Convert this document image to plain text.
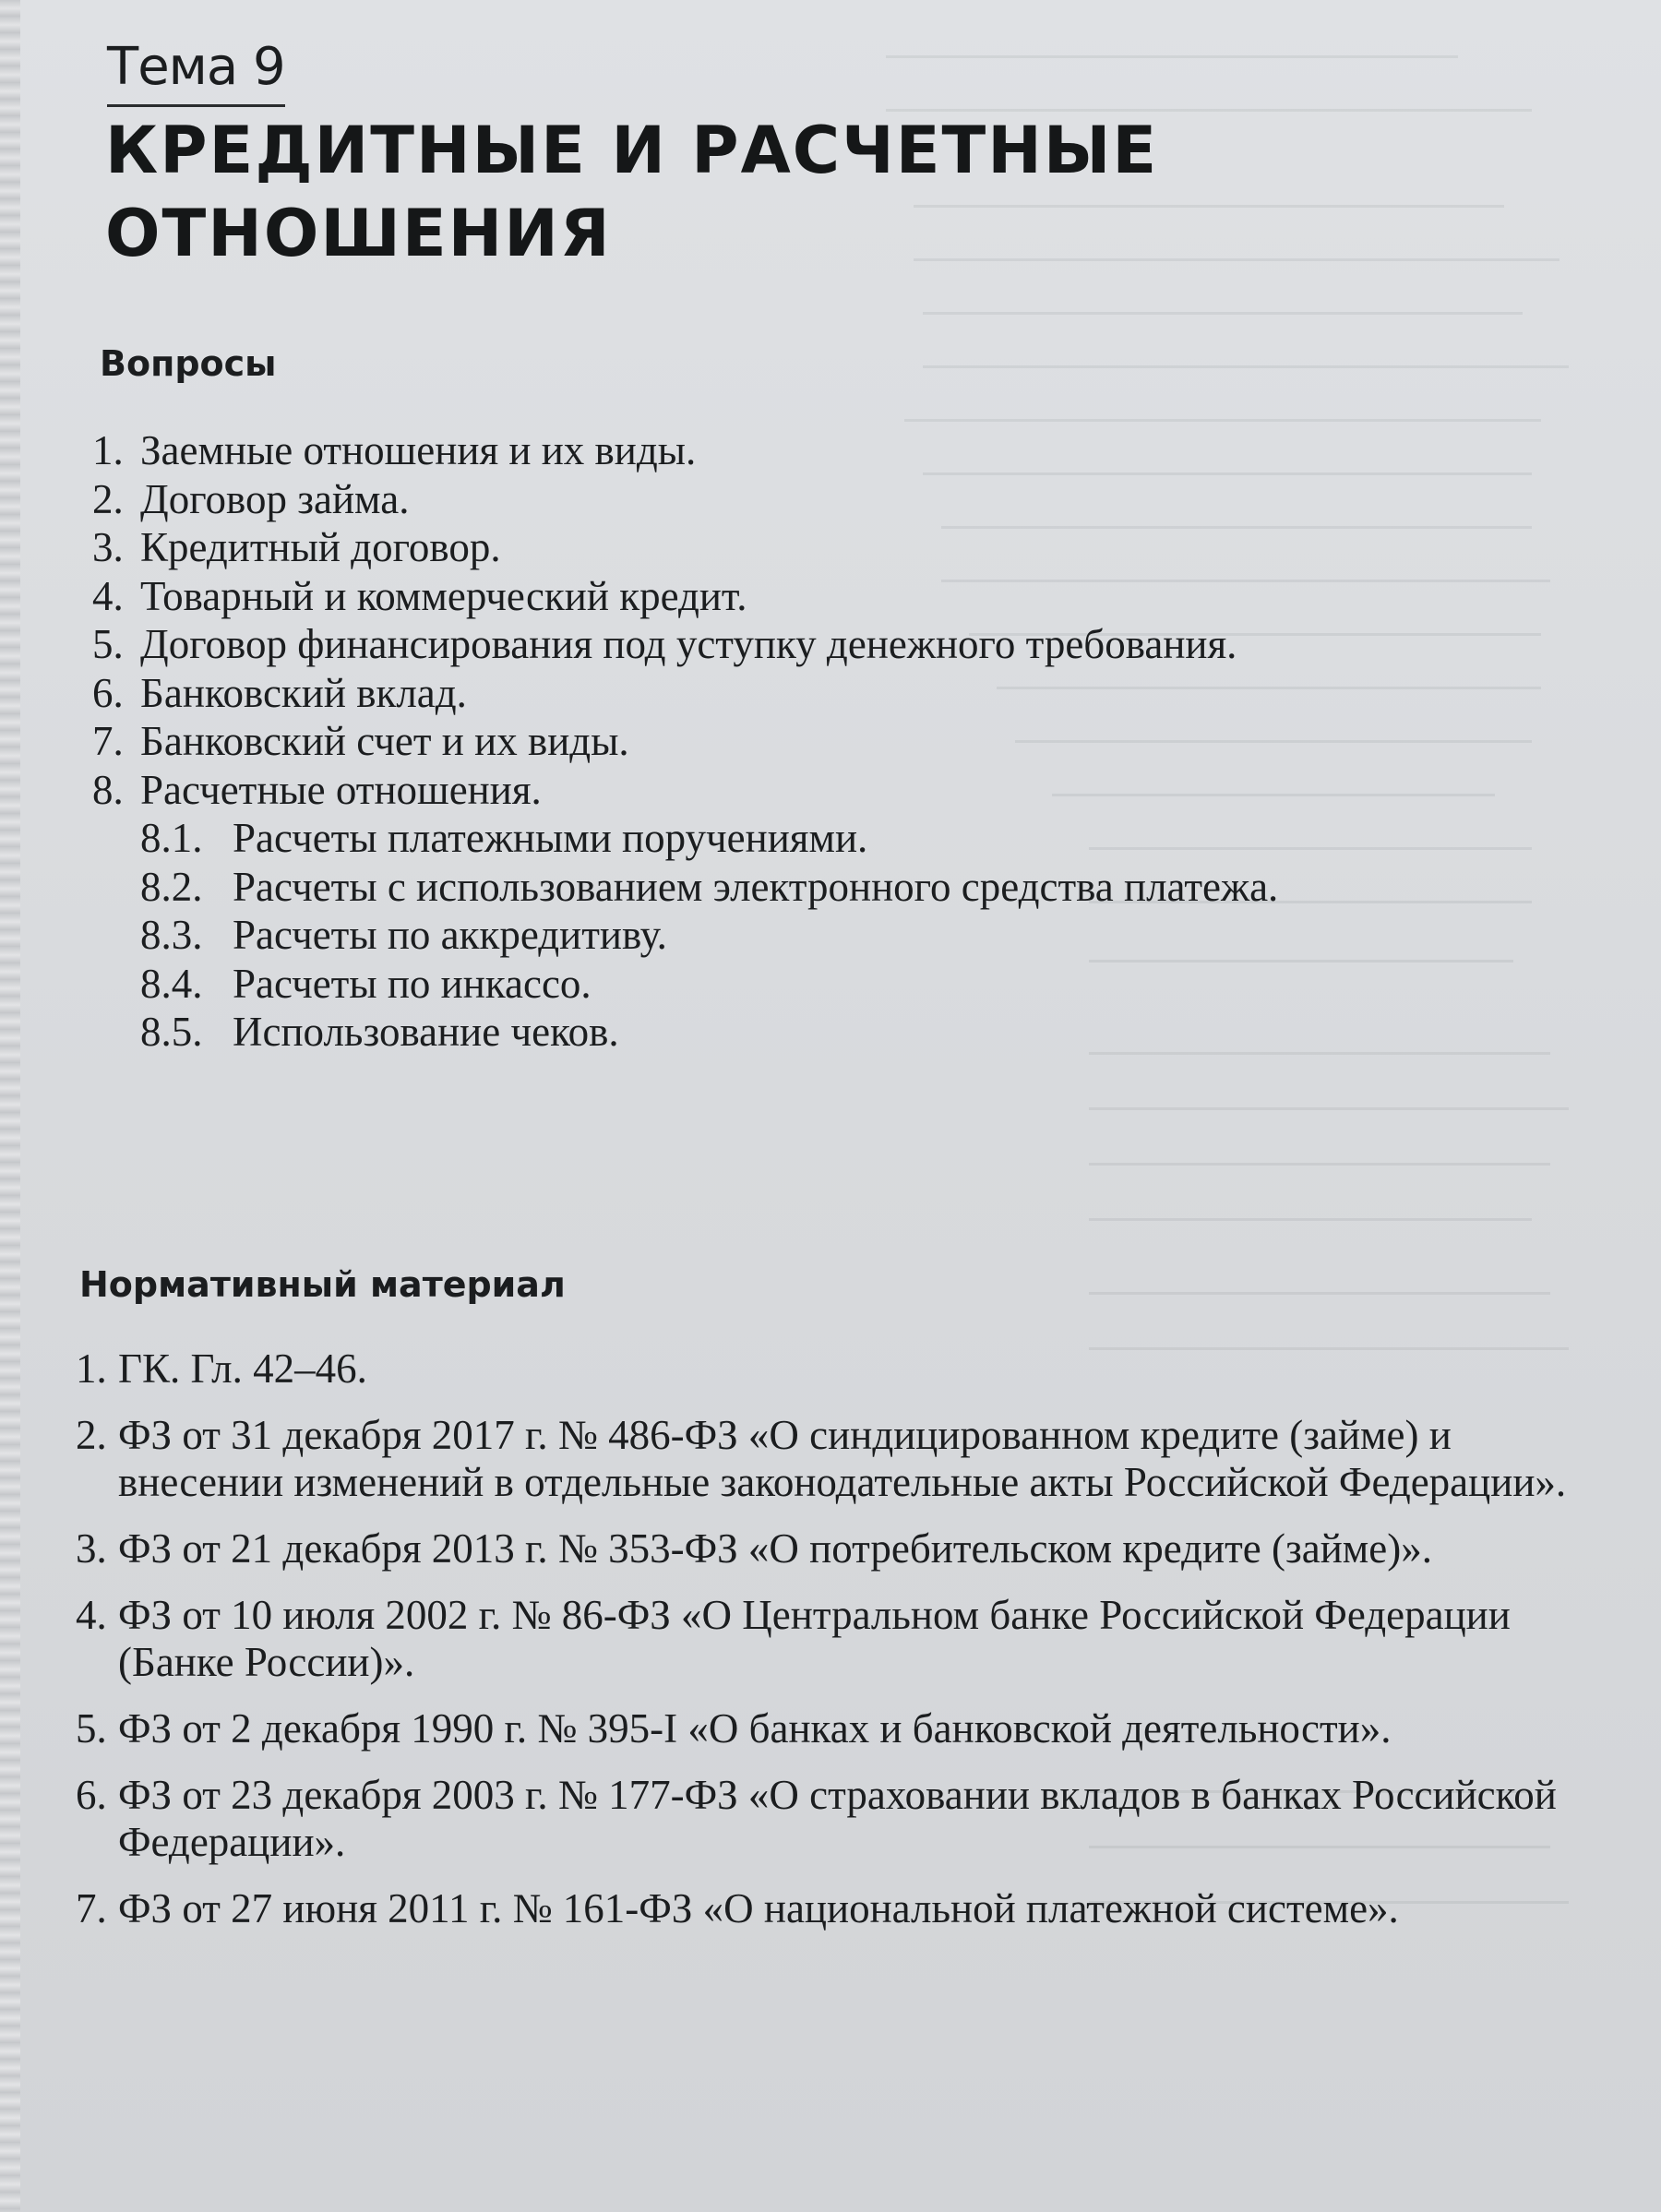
Тема 9
КРЕДИТНЫЕ И РАСЧЕТНЫЕ
ОТНОШЕНИЯ
Вопросы
1. Заемные отношения и их виды.
2. Договор займа.
3. Кредитный договор.
4. Товарный и коммерческий кредит.
5. Договор финансирования под уступку денежного требования.
6. Банковский вклад.
7. Банковский счет и их виды.
8. Расчетные отношения.
8.1. Расчеты платежными поручениями.
8.2. Расчеты с использованием электронного средства платежа.
8.3. Расчеты по аккредитиву.
8.4. Расчеты по инкассо.
8.5. Использование чеков.
Нормативный материал
1. ГК. Гл. 42–46.
2. ФЗ от 31 декабря 2017 г. № 486-ФЗ «О синдицированном кредите (займе) и внесении изменений в отдельные законодательные акты Российской Федерации».
3. ФЗ от 21 декабря 2013 г. № 353-ФЗ «О потребительском кредите (займе)».
4. ФЗ от 10 июля 2002 г. № 86-ФЗ «О Центральном банке Российской Федерации (Банке России)».
5. ФЗ от 2 декабря 1990 г. № 395-I «О банках и банковской деятельности».
6. ФЗ от 23 декабря 2003 г. № 177-ФЗ «О страховании вкладов в банках Российской Федерации».
7. ФЗ от 27 июня 2011 г. № 161-ФЗ «О национальной платежной системе».
